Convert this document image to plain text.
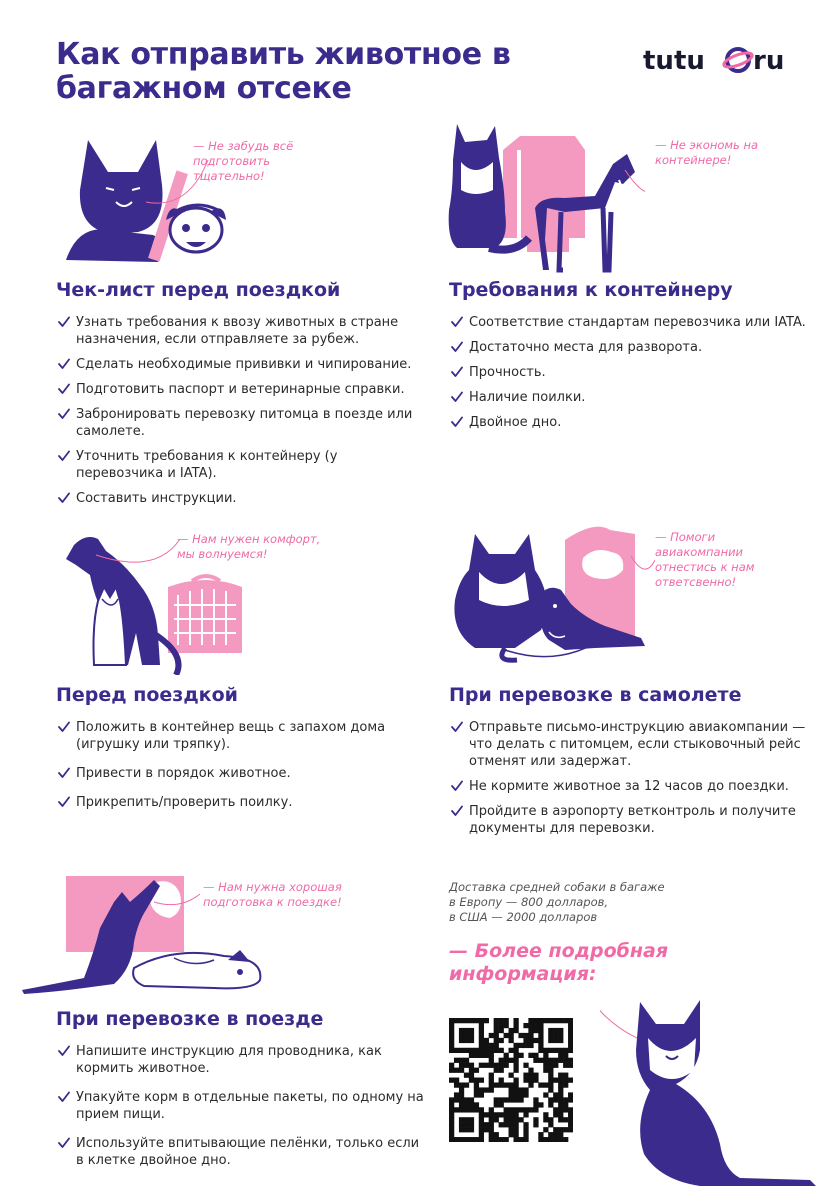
Как отправить животное в багажном отсеке
tutu ru
— Не забудь всё подготовить тщательно!
Чек-лист перед поездкой
Узнать требования к ввозу животных в стране назначения, если отправляете за рубеж.
Сделать необходимые прививки и чипирование.
Подготовить паспорт и ветеринарные справки.
Забронировать перевозку питомца в поезде или самолете.
Уточнить требования к контейнеру (у перевозчика и IATA).
Составить инструкции.
— Не экономь на контейнере!
Требования к контейнеру
Соответствие стандартам перевозчика или IATA.
Достаточно места для разворота.
Прочность.
Наличие поилки.
Двойное дно.
— Нам нужен комфорт, мы волнуемся!
Перед поездкой
Положить в контейнер вещь с запахом дома (игрушку или тряпку).
Привести в порядок животное.
Прикрепить/проверить поилку.
— Помоги авиакомпании отнестись к нам ответсвенно!
При перевозке в самолете
Отправьте письмо-инструкцию авиакомпании — что делать с питомцем, если стыковочный рейс отменят или задержат.
Не кормите животное за 12 часов до поездки.
Пройдите в аэропорту ветконтроль и получите документы для перевозки.
— Нам нужна хорошая подготовка к поездке!
При перевозке в поезде
Напишите инструкцию для проводника, как кормить животное.
Упакуйте корм в отдельные пакеты, по одному на прием пищи.
Используйте впитывающие пелёнки, только если в клетке двойное дно.
Доставка средней собаки в багаже
в Европу — 800 долларов,
в США — 2000 долларов
— Более подробная информация:
